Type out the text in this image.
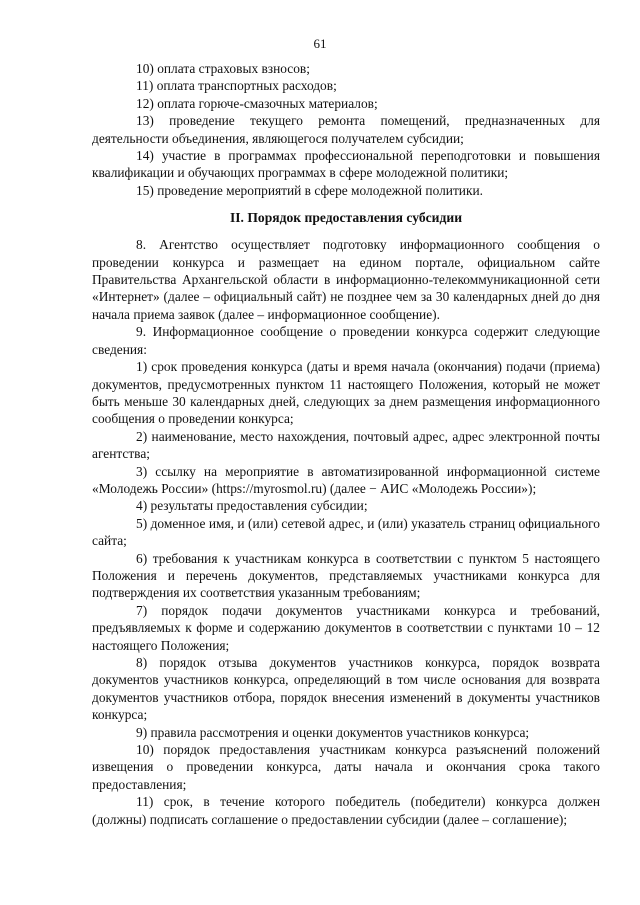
61

10) оплата страховых взносов;

11) оплата транспортных расходов;

12) оплата горюче-смазочных материалов;

13) проведение текущего ремонта помещений, предназначенных для деятельности объединения, являющегося получателем субсидии;

14) участие в программах профессиональной переподготовки и повышения квалификации и обучающих программах в сфере молодежной политики;

15) проведение мероприятий в сфере молодежной политики.

II. Порядок предоставления субсидии

8. Агентство осуществляет подготовку информационного сообщения о проведении конкурса и размещает на едином портале, официальном сайте Правительства Архангельской области в информационно-телекоммуникационной сети «Интернет» (далее – официальный сайт) не позднее чем за 30 календарных дней до дня начала приема заявок (далее – информационное сообщение).

9. Информационное сообщение о проведении конкурса содержит следующие сведения:

1) срок проведения конкурса (даты и время начала (окончания) подачи (приема) документов, предусмотренных пунктом 11 настоящего Положения, который не может быть меньше 30 календарных дней, следующих за днем размещения информационного сообщения о проведении конкурса;

2) наименование, место нахождения, почтовый адрес, адрес электронной почты агентства;

3) ссылку на мероприятие в автоматизированной информационной системе «Молодежь России» (https://myrosmol.ru) (далее − АИС «Молодежь России»);

4) результаты предоставления субсидии;

5) доменное имя, и (или) сетевой адрес, и (или) указатель страниц официального сайта;

6) требования к участникам конкурса в соответствии с пунктом 5 настоящего Положения и перечень документов, представляемых участниками конкурса для подтверждения их соответствия указанным требованиям;

7) порядок подачи документов участниками конкурса и требований, предъявляемых к форме и содержанию документов в соответствии с пунктами 10 – 12 настоящего Положения;

8) порядок отзыва документов участников конкурса, порядок возврата документов участников конкурса, определяющий в том числе основания для возврата документов участников отбора, порядок внесения изменений в документы участников конкурса;

9) правила рассмотрения и оценки документов участников конкурса;

10) порядок предоставления участникам конкурса разъяснений положений извещения о проведении конкурса, даты начала и окончания срока такого предоставления;

11) срок, в течение которого победитель (победители) конкурса должен (должны) подписать соглашение о предоставлении субсидии (далее – соглашение);
